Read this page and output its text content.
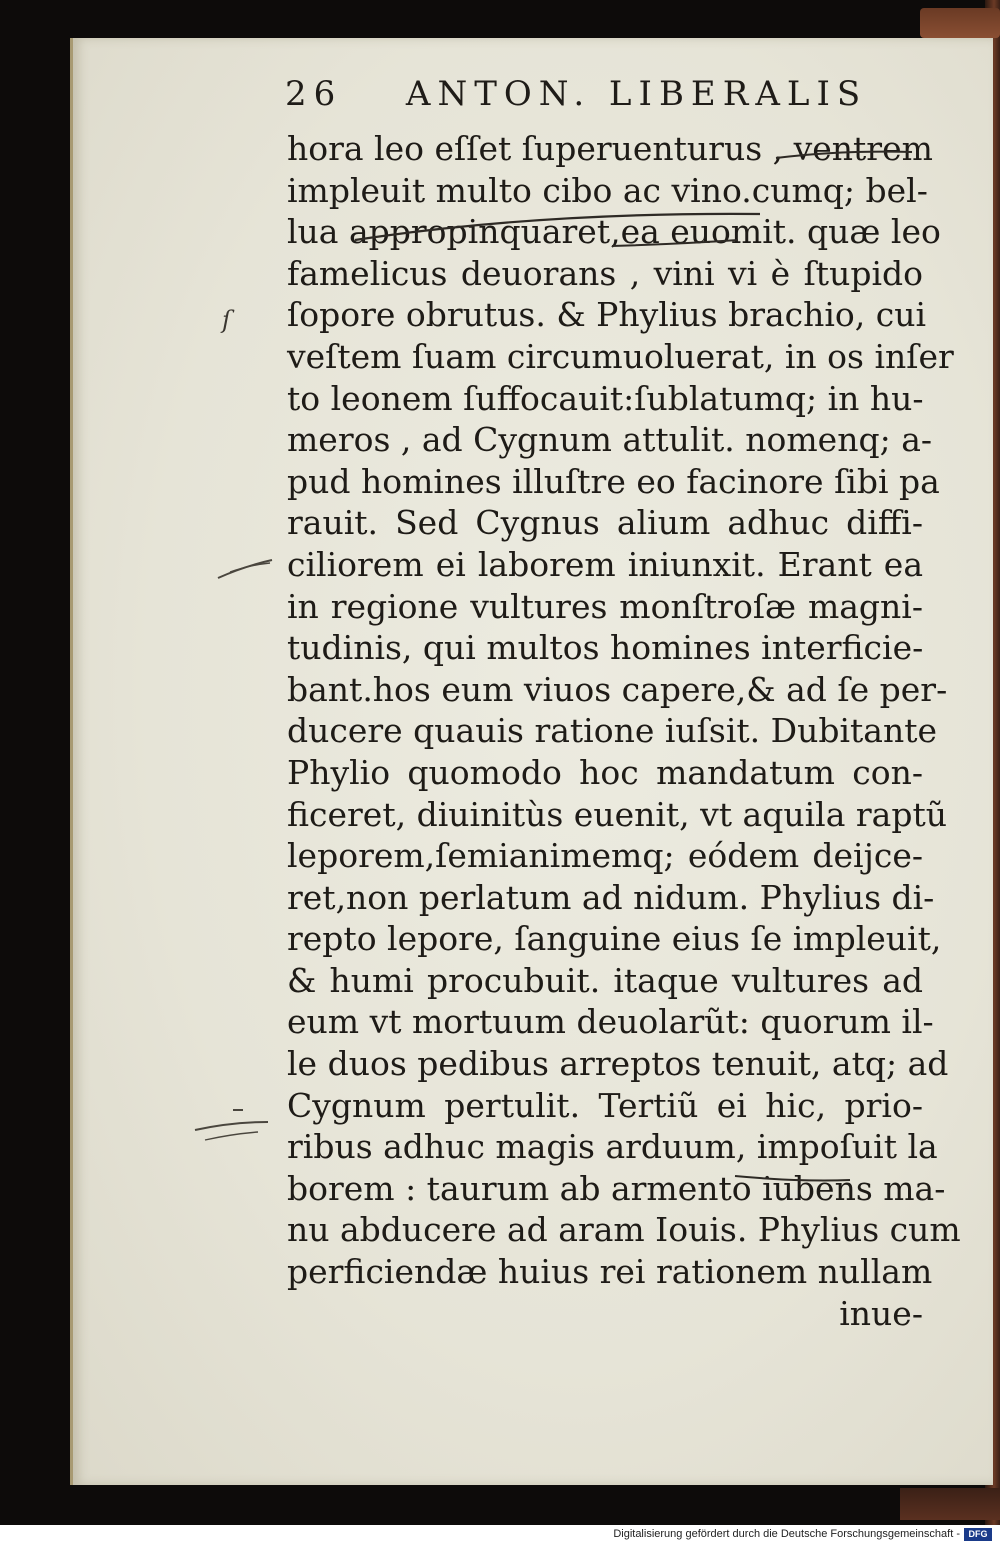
26 ANTON. LIBERALIS
hora leo eſſet ſuperuenturus , ventrem
impleuit multo cibo ac vino.cumq; bel-
lua appropinquaret,ea euomit. quæ leo
famelicus deuorans , vini vi è ſtupido
ſopore obrutus. & Phylius brachio, cui
veſtem ſuam circumuoluerat, in os inſer
to leonem ſuffocauit:ſublatumq; in hu-
meros , ad Cygnum attulit. nomenq; a-
pud homines illuſtre eo facinore ſibi pa
rauit. Sed Cygnus alium adhuc diffi-
ciliorem ei laborem iniunxit. Erant ea
in regione vultures monſtroſæ magni-
tudinis, qui multos homines interficie-
bant.hos eum viuos capere,& ad ſe per-
ducere quauis ratione iuſsit. Dubitante
Phylio quomodo hoc mandatum con-
ficeret, diuinitùs euenit, vt aquila raptũ
leporem,ſemianimemq; eódem deijce-
ret,non perlatum ad nidum. Phylius di-
repto lepore, ſanguine eius ſe impleuit,
& humi procubuit. itaque vultures ad
eum vt mortuum deuolarũt: quorum il-
le duos pedibus arreptos tenuit, atq; ad
Cygnum pertulit. Tertiũ ei hic, prio-
ribus adhuc magis arduum, impoſuit la
borem : taurum ab armento iubens ma-
nu abducere ad aram Iouis. Phylius cum
perficiendæ huius rei rationem nullam
inue-
ſ
Digitalisierung gefördert durch die Deutsche Forschungsgemeinschaft - DFG
